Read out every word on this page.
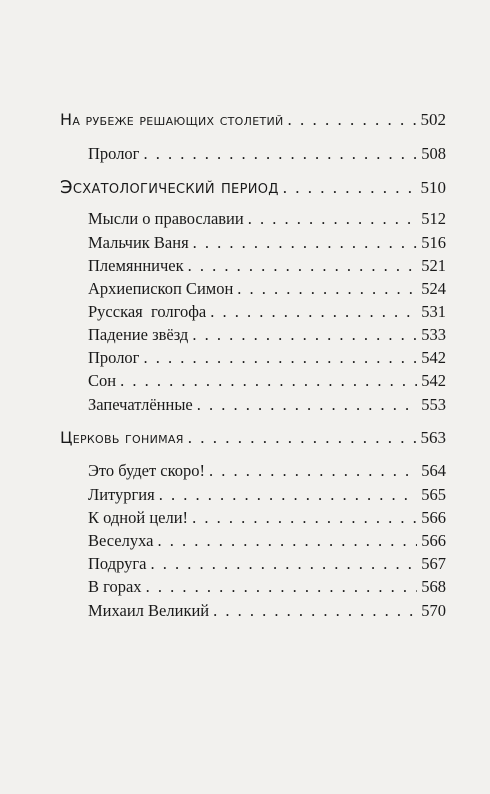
На рубеже решающих столетий . . .	502
Пролог . . .	508
Эсхатологический период . . .	510
Мысли о православии . . .	512
Мальчик Ваня . . .	516
Племянничек . . .	521
Архиепископ Симон . . .	524
Русская  голгофа . . .	531
Падение звёзд . . .	533
Пролог . . .	542
Сон . . .	542
Запечатлённые . . .	553
Церковь гонимая . . .	563
Это будет скоро! . . .	564
Литургия . . .	565
К одной цели! . . .	566
Веселуха . . .	566
Подруга . . .	567
В горах . . .	568
Михаил Великий . . .	570
